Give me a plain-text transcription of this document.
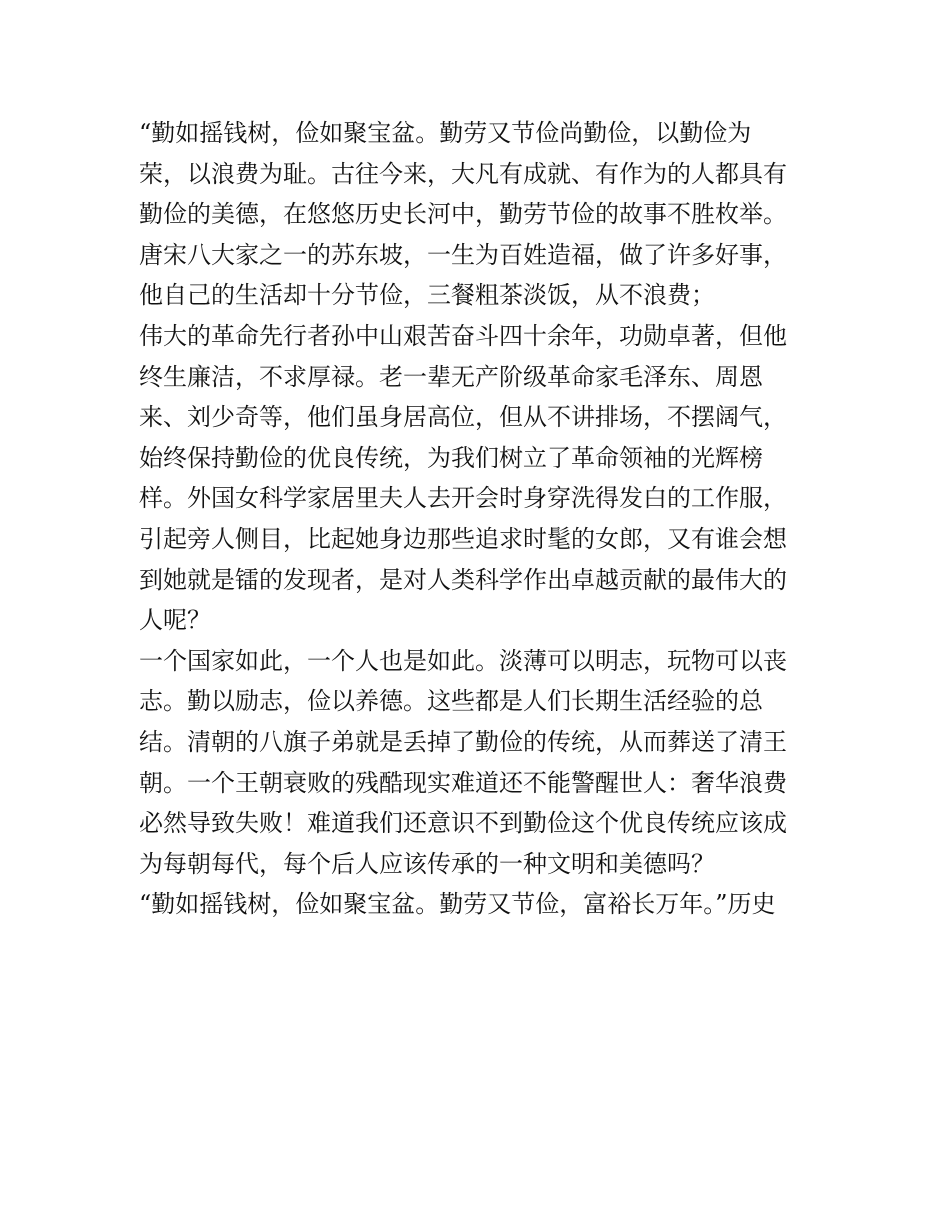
“勤如摇钱树，俭如聚宝盆。勤劳又节俭尚勤俭，以勤俭为

荣，以浪费为耻。古往今来，大凡有成就、有作为的人都具有

勤俭的美德，在悠悠历史长河中，勤劳节俭的故事不胜枚举。

唐宋八大家之一的苏东坡，一生为百姓造福，做了许多好事，

他自己的生活却十分节俭，三餐粗茶淡饭，从不浪费；

伟大的革命先行者孙中山艰苦奋斗四十余年，功勋卓著，但他

终生廉洁，不求厚禄。老一辈无产阶级革命家毛泽东、周恩

来、刘少奇等，他们虽身居高位，但从不讲排场，不摆阔气，

始终保持勤俭的优良传统，为我们树立了革命领袖的光辉榜

样。外国女科学家居里夫人去开会时身穿洗得发白的工作服，

引起旁人侧目，比起她身边那些追求时髦的女郎，又有谁会想

到她就是镭的发现者，是对人类科学作出卓越贡献的最伟大的

人呢？

一个国家如此，一个人也是如此。淡薄可以明志，玩物可以丧

志。勤以励志，俭以养德。这些都是人们长期生活经验的总

结。清朝的八旗子弟就是丢掉了勤俭的传统，从而葬送了清王

朝。一个王朝衰败的残酷现实难道还不能警醒世人：奢华浪费

必然导致失败！难道我们还意识不到勤俭这个优良传统应该成

为每朝每代，每个后人应该传承的一种文明和美德吗？

“勤如摇钱树，俭如聚宝盆。勤劳又节俭，富裕长万年。”历史
